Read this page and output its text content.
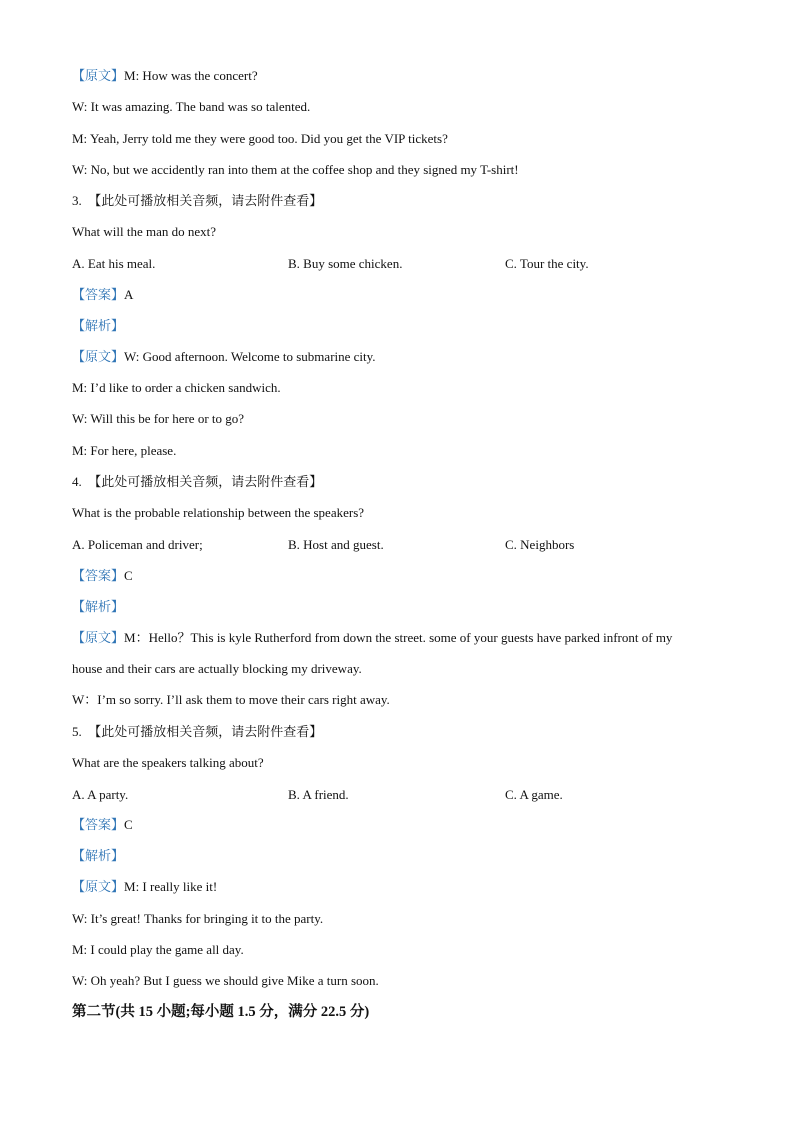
【原文】M: How was the concert?
W: It was amazing. The band was so talented.
M: Yeah, Jerry told me they were good too. Did you get the VIP tickets?
W: No, but we accidently ran into them at the coffee shop and they signed my T-shirt!
3. 【此处可播放相关音频，请去附件查看】
What will the man do next?
A. Eat his meal.	B. Buy some chicken.	C. Tour the city.
【答案】A
【解析】
【原文】W: Good afternoon. Welcome to submarine city.
M: I’d like to order a chicken sandwich.
W: Will this be for here or to go?
M: For here, please.
4. 【此处可播放相关音频，请去附件查看】
What is the probable relationship between the speakers?
A. Policeman and driver;	B. Host and guest.	C. Neighbors
【答案】C
【解析】
【原文】M：Hello？This is kyle Rutherford from down the street. some of your guests have parked infront of my
house and their cars are actually blocking my driveway.
W：I’m so sorry. I’ll ask them to move their cars right away.
5. 【此处可播放相关音频，请去附件查看】
What are the speakers talking about?
A. A party.	B. A friend.	C. A game.
【答案】C
【解析】
【原文】M: I really like it!
W: It’s great! Thanks for bringing it to the party.
M: I could play the game all day.
W: Oh yeah? But I guess we should give Mike a turn soon.
第二节(共 15 小题;每小题 1.5 分，满分 22.5 分)
